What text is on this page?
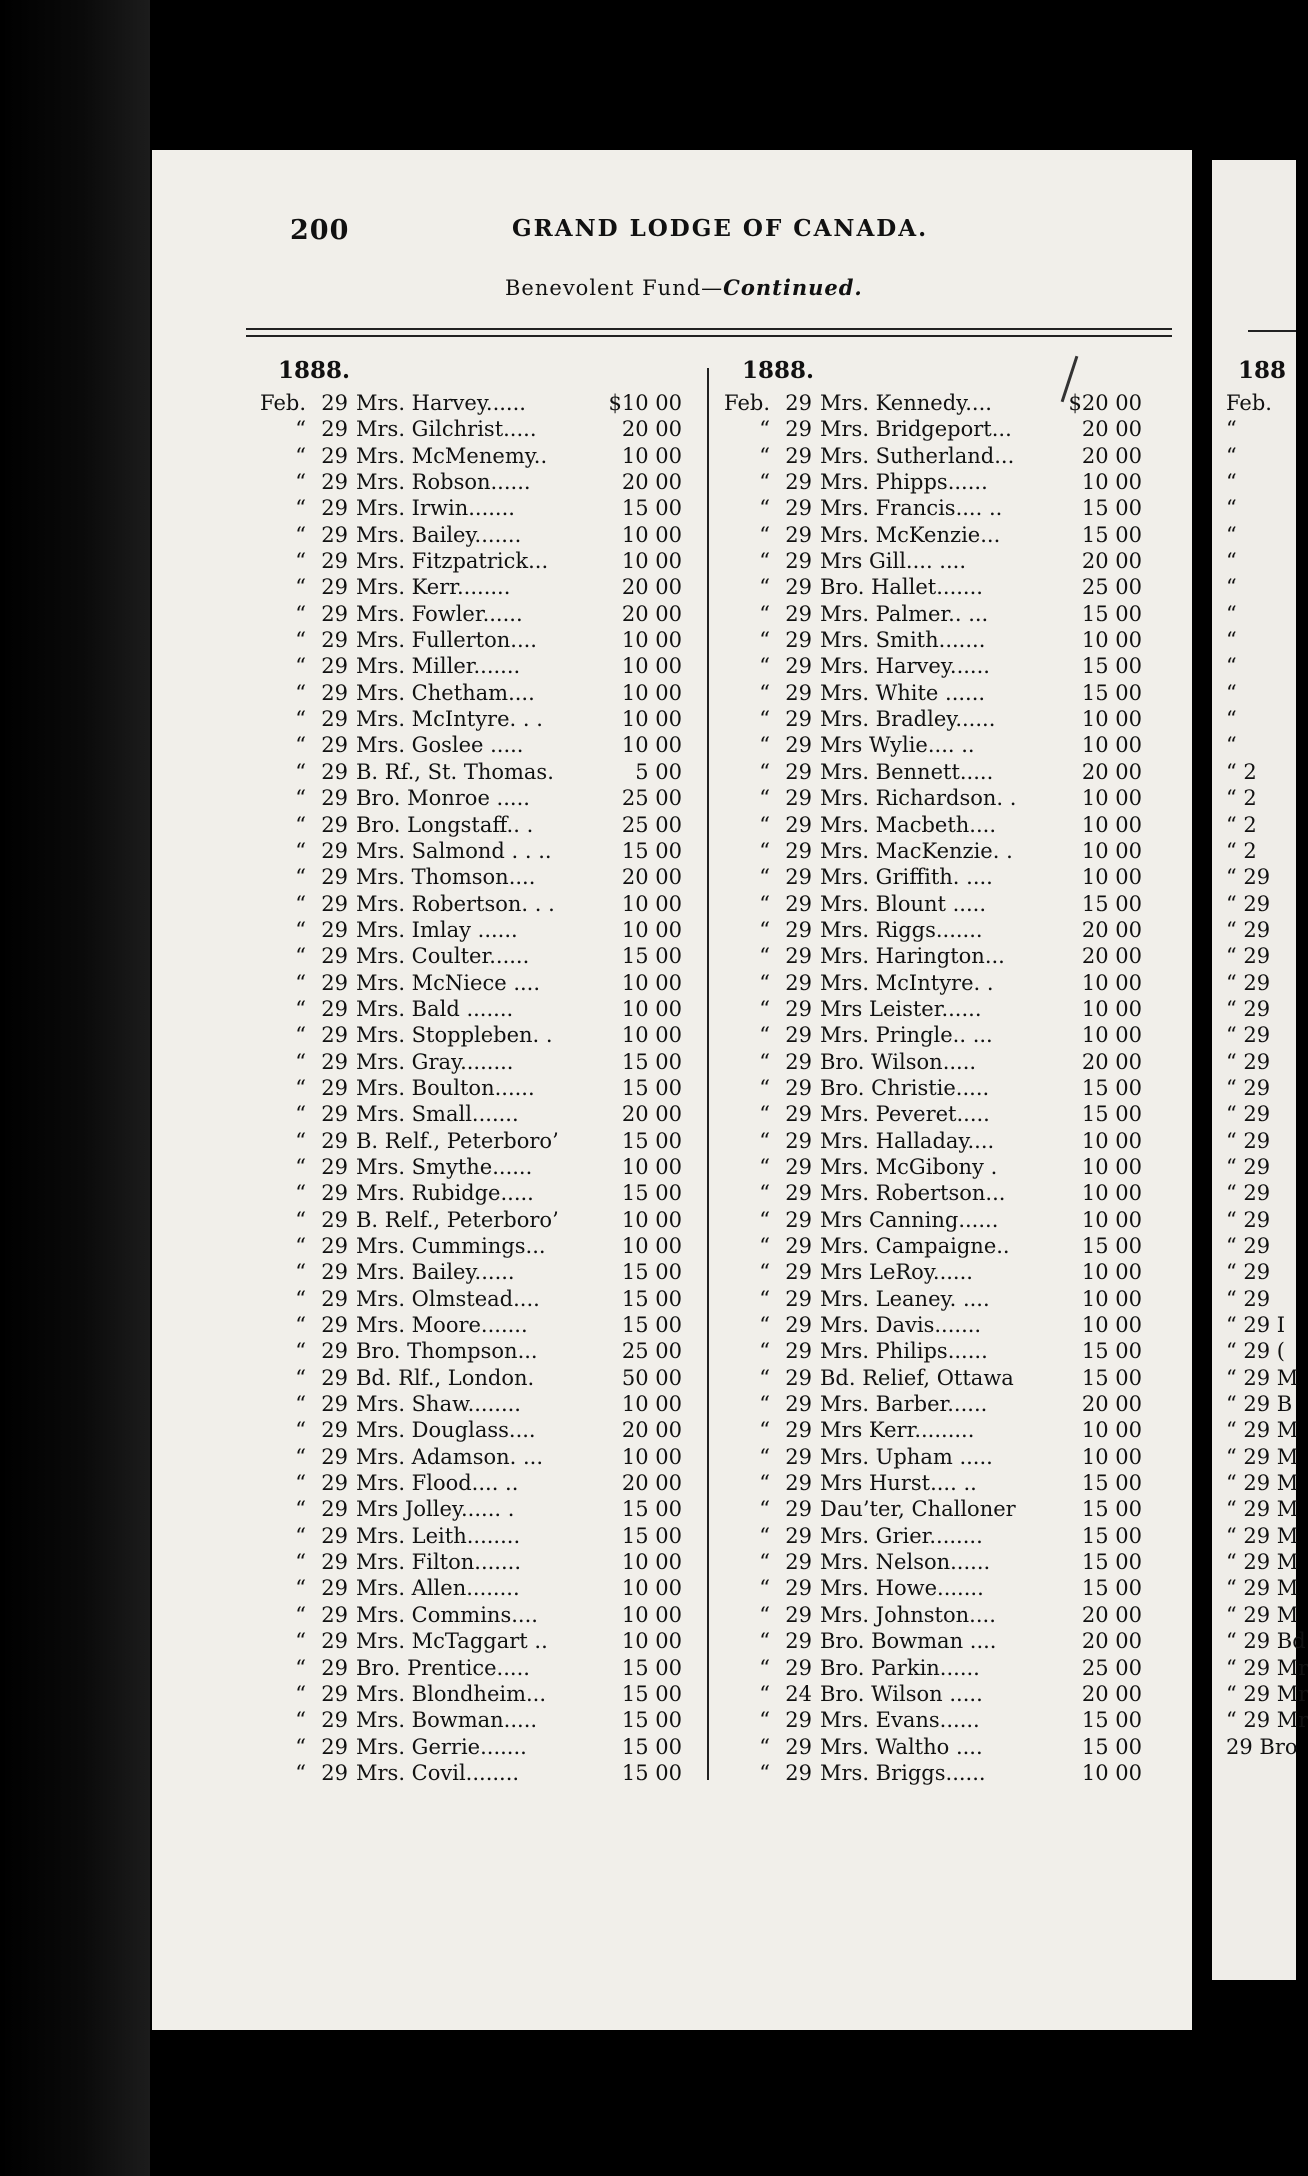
200	GRAND LODGE OF CANADA.
Benevolent Fund—Continued.
1888.
Feb. 29 Mrs. Harvey......	$10 00
“ 29 Mrs. Gilchrist.....	20 00
“ 29 Mrs. McMenemy..	10 00
“ 29 Mrs. Robson......	20 00
“ 29 Mrs. Irwin.......	15 00
“ 29 Mrs. Bailey.......	10 00
“ 29 Mrs. Fitzpatrick...	10 00
“ 29 Mrs. Kerr........	20 00
“ 29 Mrs. Fowler......	20 00
“ 29 Mrs. Fullerton....	10 00
“ 29 Mrs. Miller.......	10 00
“ 29 Mrs. Chetham....	10 00
“ 29 Mrs. McIntyre. . .	10 00
“ 29 Mrs. Goslee .....	10 00
“ 29 B. Rf., St. Thomas.	5 00
“ 29 Bro. Monroe .....	25 00
“ 29 Bro. Longstaff.. .	25 00
“ 29 Mrs. Salmond . . ..	15 00
“ 29 Mrs. Thomson....	20 00
“ 29 Mrs. Robertson. . .	10 00
“ 29 Mrs. Imlay ......	10 00
“ 29 Mrs. Coulter......	15 00
“ 29 Mrs. McNiece ....	10 00
“ 29 Mrs. Bald .......	10 00
“ 29 Mrs. Stoppleben. .	10 00
“ 29 Mrs. Gray........	15 00
“ 29 Mrs. Boulton......	15 00
“ 29 Mrs. Small.......	20 00
“ 29 B. Relf., Peterboro’	15 00
“ 29 Mrs. Smythe......	10 00
“ 29 Mrs. Rubidge.....	15 00
“ 29 B. Relf., Peterboro’	10 00
“ 29 Mrs. Cummings...	10 00
“ 29 Mrs. Bailey......	15 00
“ 29 Mrs. Olmstead....	15 00
“ 29 Mrs. Moore.......	15 00
“ 29 Bro. Thompson...	25 00
“ 29 Bd. Rlf., London.	50 00
“ 29 Mrs. Shaw........	10 00
“ 29 Mrs. Douglass....	20 00
“ 29 Mrs. Adamson. ...	10 00
“ 29 Mrs. Flood.... ..	20 00
“ 29 Mrs Jolley...... .	15 00
“ 29 Mrs. Leith........	15 00
“ 29 Mrs. Filton.......	10 00
“ 29 Mrs. Allen........	10 00
“ 29 Mrs. Commins....	10 00
“ 29 Mrs. McTaggart ..	10 00
“ 29 Bro. Prentice.....	15 00
“ 29 Mrs. Blondheim...	15 00
“ 29 Mrs. Bowman.....	15 00
“ 29 Mrs. Gerrie.......	15 00
“ 29 Mrs. Covil........	15 00
1888.
Feb. 29 Mrs. Kennedy....	$20 00
“ 29 Mrs. Bridgeport...	20 00
“ 29 Mrs. Sutherland...	20 00
“ 29 Mrs. Phipps......	10 00
“ 29 Mrs. Francis.... ..	15 00
“ 29 Mrs. McKenzie...	15 00
“ 29 Mrs Gill.... ....	20 00
“ 29 Bro. Hallet.......	25 00
“ 29 Mrs. Palmer.. ...	15 00
“ 29 Mrs. Smith.......	10 00
“ 29 Mrs. Harvey......	15 00
“ 29 Mrs. White ......	15 00
“ 29 Mrs. Bradley......	10 00
“ 29 Mrs Wylie.... ..	10 00
“ 29 Mrs. Bennett.....	20 00
“ 29 Mrs. Richardson. .	10 00
“ 29 Mrs. Macbeth....	10 00
“ 29 Mrs. MacKenzie. .	10 00
“ 29 Mrs. Griffith. ....	10 00
“ 29 Mrs. Blount .....	15 00
“ 29 Mrs. Riggs.......	20 00
“ 29 Mrs. Harington...	20 00
“ 29 Mrs. McIntyre. .	10 00
“ 29 Mrs Leister......	10 00
“ 29 Mrs. Pringle.. ...	10 00
“ 29 Bro. Wilson.....	20 00
“ 29 Bro. Christie.....	15 00
“ 29 Mrs. Peveret.....	15 00
“ 29 Mrs. Halladay....	10 00
“ 29 Mrs. McGibony .	10 00
“ 29 Mrs. Robertson...	10 00
“ 29 Mrs Canning......	10 00
“ 29 Mrs. Campaigne..	15 00
“ 29 Mrs LeRoy......	10 00
“ 29 Mrs. Leaney. ....	10 00
“ 29 Mrs. Davis.......	10 00
“ 29 Mrs. Philips......	15 00
“ 29 Bd. Relief, Ottawa	15 00
“ 29 Mrs. Barber......	20 00
“ 29 Mrs Kerr.........	10 00
“ 29 Mrs. Upham .....	10 00
“ 29 Mrs Hurst.... ..	15 00
“ 29 Dau’ter, Challoner	15 00
“ 29 Mrs. Grier........	15 00
“ 29 Mrs. Nelson......	15 00
“ 29 Mrs. Howe.......	15 00
“ 29 Mrs. Johnston....	20 00
“ 29 Bro. Bowman ....	20 00
“ 29 Bro. Parkin......	25 00
“ 24 Bro. Wilson .....	20 00
“ 29 Mrs. Evans......	15 00
“ 29 Mrs. Waltho ....	15 00
“ 29 Mrs. Briggs......	10 00
188
Feb.
“
“
“
“
“
“
“
“
“
“
“
“
“
“ 2
“ 2
“ 2
“ 2
“ 29
“ 29
“ 29
“ 29
“ 29
“ 29
“ 29
“ 29
“ 29
“ 29
“ 29
“ 29
“ 29
“ 29
“ 29
“ 29
“ 29
“ 29 I
“ 29 (
“ 29 M
“ 29 B
“ 29 M
“ 29 M
“ 29 M
“ 29 M
“ 29 M
“ 29 M
“ 29 M
“ 29 M
“ 29 Bd
“ 29 Mr
“ 29 Mr
“ 29 Mr
29 Bro
